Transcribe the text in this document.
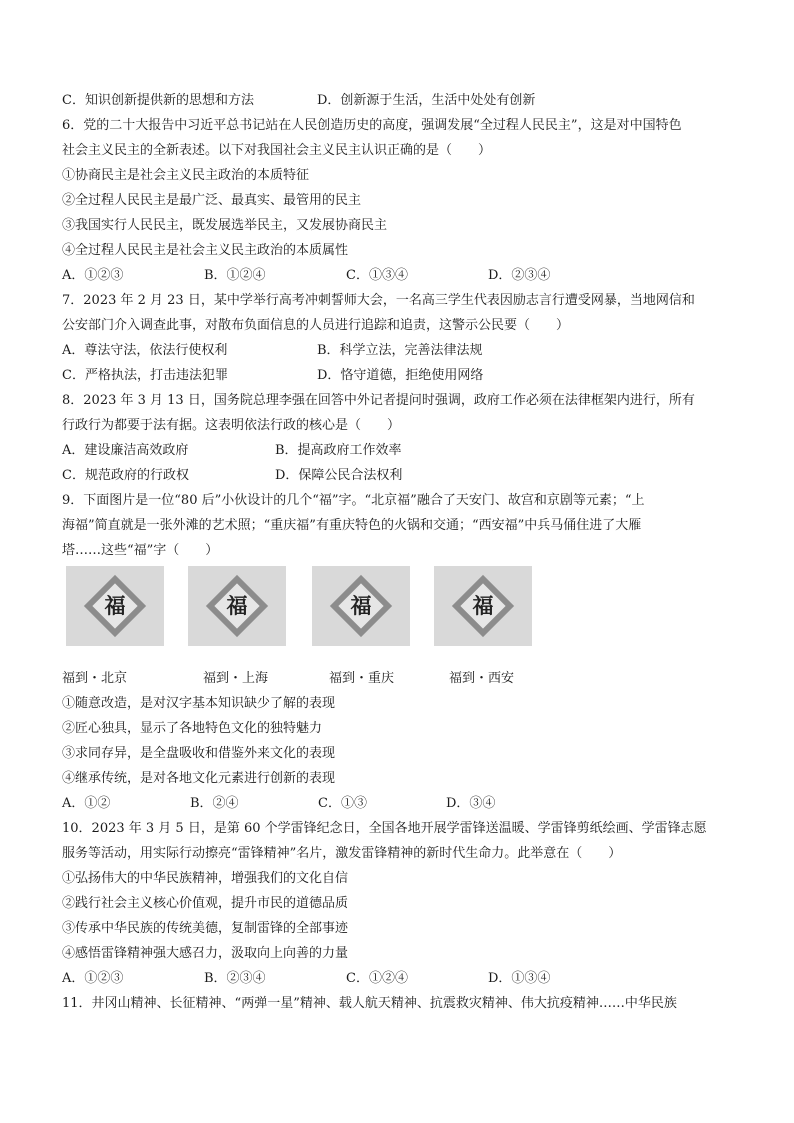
C．知识创新提供新的思想和方法	D．创新源于生活，生活中处处有创新
6．党的二十大报告中习近平总书记站在人民创造历史的高度，强调发展“全过程人民民主”，这是对中国特色
社会主义民主的全新表述。以下对我国社会主义民主认识正确的是（　　）
①协商民主是社会主义民主政治的本质特征
②全过程人民民主是最广泛、最真实、最管用的民主
③我国实行人民民主，既发展选举民主，又发展协商民主
④全过程人民民主是社会主义民主政治的本质属性
A．①②③	B．①②④	C．①③④	D．②③④
7．2023 年 2 月 23 日，某中学举行高考冲刺誓师大会，一名高三学生代表因励志言行遭受网暴，当地网信和
公安部门介入调查此事，对散布负面信息的人员进行追踪和追责，这警示公民要（　　）
A．尊法守法，依法行使权利	B．科学立法，完善法律法规
C．严格执法，打击违法犯罪	D．恪守道德，拒绝使用网络
8．2023 年 3 月 13 日，国务院总理李强在回答中外记者提问时强调，政府工作必须在法律框架内进行，所有
行政行为都要于法有据。这表明依法行政的核心是（　　）
A．建设廉洁高效政府	B．提高政府工作效率
C．规范政府的行政权	D．保障公民合法权利
9．下面图片是一位“80 后”小伙设计的几个“福”字。“北京福”融合了天安门、故宫和京剧等元素；“上
海福”简直就是一张外滩的艺术照；“重庆福”有重庆特色的火锅和交通；“西安福”中兵马俑住进了大雁
塔……这些“福”字（　　）
福	福	福	福
福到・北京	福到・上海	福到・重庆	福到・西安
①随意改造，是对汉字基本知识缺少了解的表现
②匠心独具，显示了各地特色文化的独特魅力
③求同存异，是全盘吸收和借鉴外来文化的表现
④继承传统，是对各地文化元素进行创新的表现
A．①②	B．②④	C．①③	D．③④
10．2023 年 3 月 5 日，是第 60 个学雷锋纪念日，全国各地开展学雷锋送温暖、学雷锋剪纸绘画、学雷锋志愿
服务等活动，用实际行动擦亮“雷锋精神”名片，激发雷锋精神的新时代生命力。此举意在（　　）
①弘扬伟大的中华民族精神，增强我们的文化自信
②践行社会主义核心价值观，提升市民的道德品质
③传承中华民族的传统美德，复制雷锋的全部事迹
④感悟雷锋精神强大感召力，汲取向上向善的力量
A．①②③	B．②③④	C．①②④	D．①③④
11．井冈山精神、长征精神、“两弹一星”精神、载人航天精神、抗震救灾精神、伟大抗疫精神……中华民族
